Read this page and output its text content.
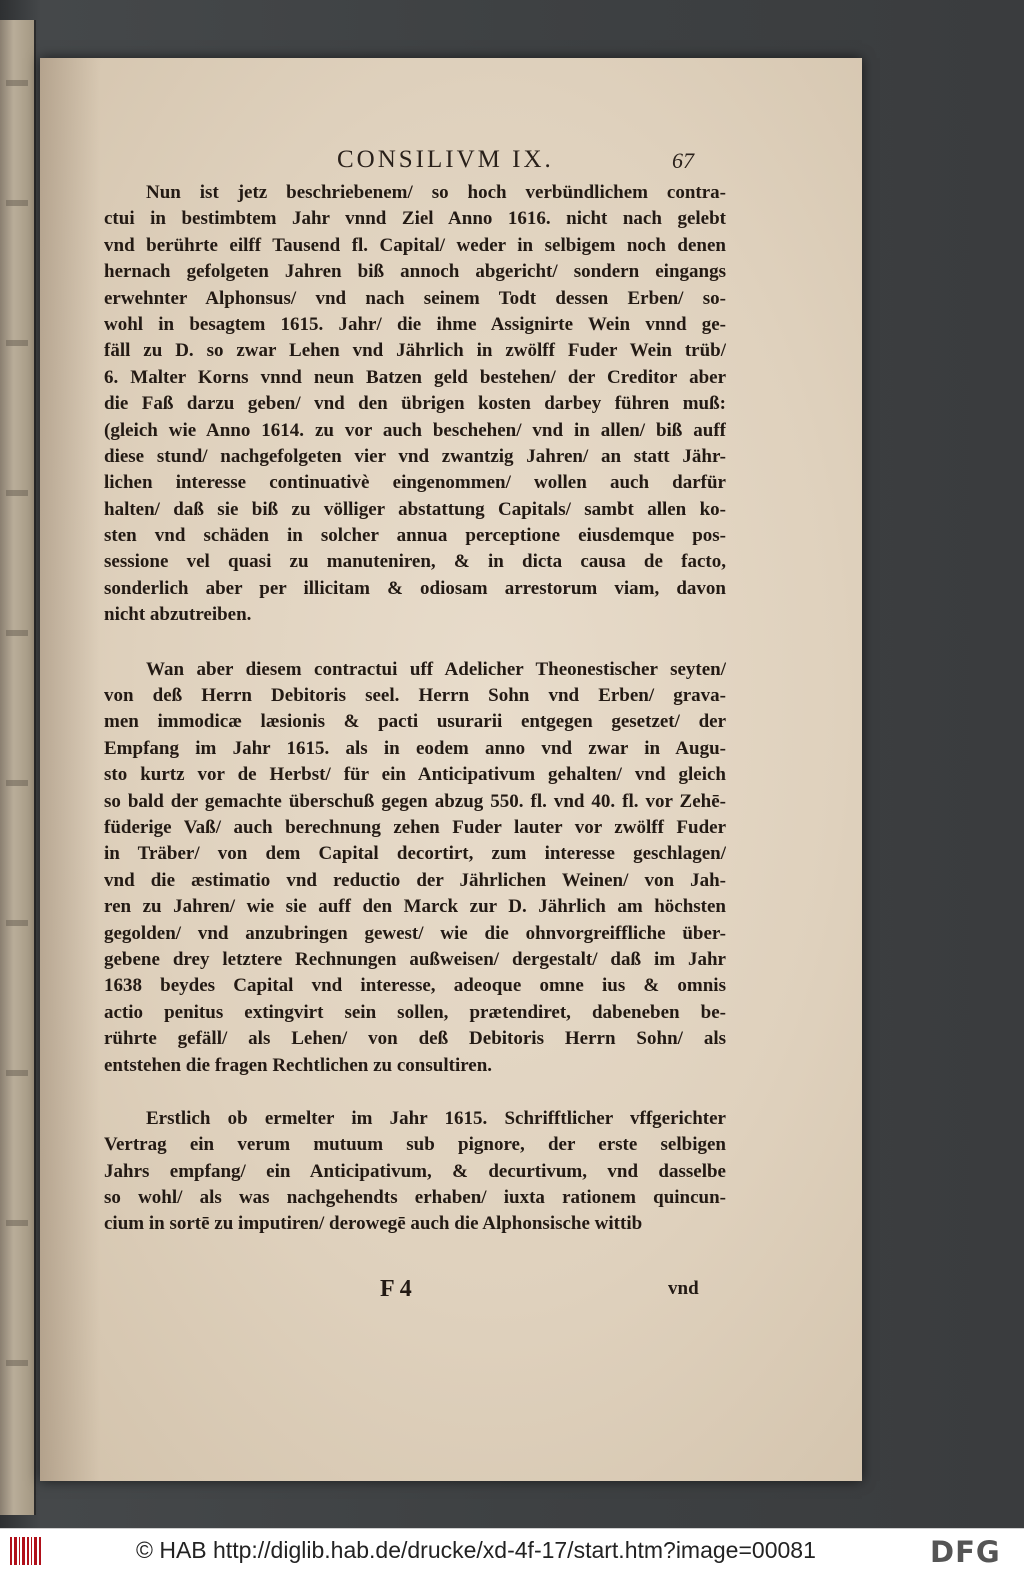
CONSILIVM IX.	67
Nun ist jetz beschriebenem/ so hoch verbündlichem contra-
ctui in bestimbtem Jahr vnnd Ziel Anno 1616. nicht nach gelebt
vnd berührte eilff Tausend fl. Capital/ weder in selbigem noch denen
hernach gefolgeten Jahren biß annoch abgericht/ sondern eingangs
erwehnter Alphonsus/ vnd nach seinem Todt dessen Erben/ so-
wohl in besagtem 1615. Jahr/ die ihme Assignirte Wein vnnd ge-
fäll zu D. so zwar Lehen vnd Jährlich in zwölff Fuder Wein trüb/
6. Malter Korns vnnd neun Batzen geld bestehen/ der Creditor aber
die Faß darzu geben/ vnd den übrigen kosten darbey führen muß:
(gleich wie Anno 1614. zu vor auch beschehen/ vnd in allen/ biß auff
diese stund/ nachgefolgeten vier vnd zwantzig Jahren/ an statt Jähr-
lichen interesse continuativè eingenommen/ wollen auch darfür
halten/ daß sie biß zu völliger abstattung Capitals/ sambt allen ko-
sten vnd schäden in solcher annua perceptione eiusdemque pos-
sessione vel quasi zu manuteniren, & in dicta causa de facto,
sonderlich aber per illicitam & odiosam arrestorum viam, davon
nicht abzutreiben.
Wan aber diesem contractui uff Adelicher Theonestischer seyten/
von deß Herrn Debitoris seel. Herrn Sohn vnd Erben/ grava-
men immodicæ læsionis & pacti usurarii entgegen gesetzet/ der
Empfang im Jahr 1615. als in eodem anno vnd zwar in Augu-
sto kurtz vor de Herbst/ für ein Anticipativum gehalten/ vnd gleich
so bald der gemachte überschuß gegen abzug 550. fl. vnd 40. fl. vor Zehē-
füderige Vaß/ auch berechnung zehen Fuder lauter vor zwölff Fuder
in Träber/ von dem Capital decortirt, zum interesse geschlagen/
vnd die æstimatio vnd reductio der Jährlichen Weinen/ von Jah-
ren zu Jahren/ wie sie auff den Marck zur D. Jährlich am höchsten
gegolden/ vnd anzubringen gewest/ wie die ohnvorgreiffliche über-
gebene drey letztere Rechnungen außweisen/ dergestalt/ daß im Jahr
1638 beydes Capital vnd interesse, adeoque omne ius & omnis
actio penitus extingvirt sein sollen, prætendiret, dabeneben be-
rührte gefäll/ als Lehen/ von deß Debitoris Herrn Sohn/ als
entstehen die fragen Rechtlichen zu consultiren.
Erstlich ob ermelter im Jahr 1615. Schrifftlicher vffgerichter
Vertrag ein verum mutuum sub pignore, der erste selbigen
Jahrs empfang/ ein Anticipativum, & decurtivum, vnd dasselbe
so wohl/ als was nachgehendts erhaben/ iuxta rationem quincun-
cium in sortē zu imputiren/ derowegē auch die Alphonsische wittib
F 4	vnd
© HAB http://diglib.hab.de/drucke/xd-4f-17/start.htm?image=00081	DFG
